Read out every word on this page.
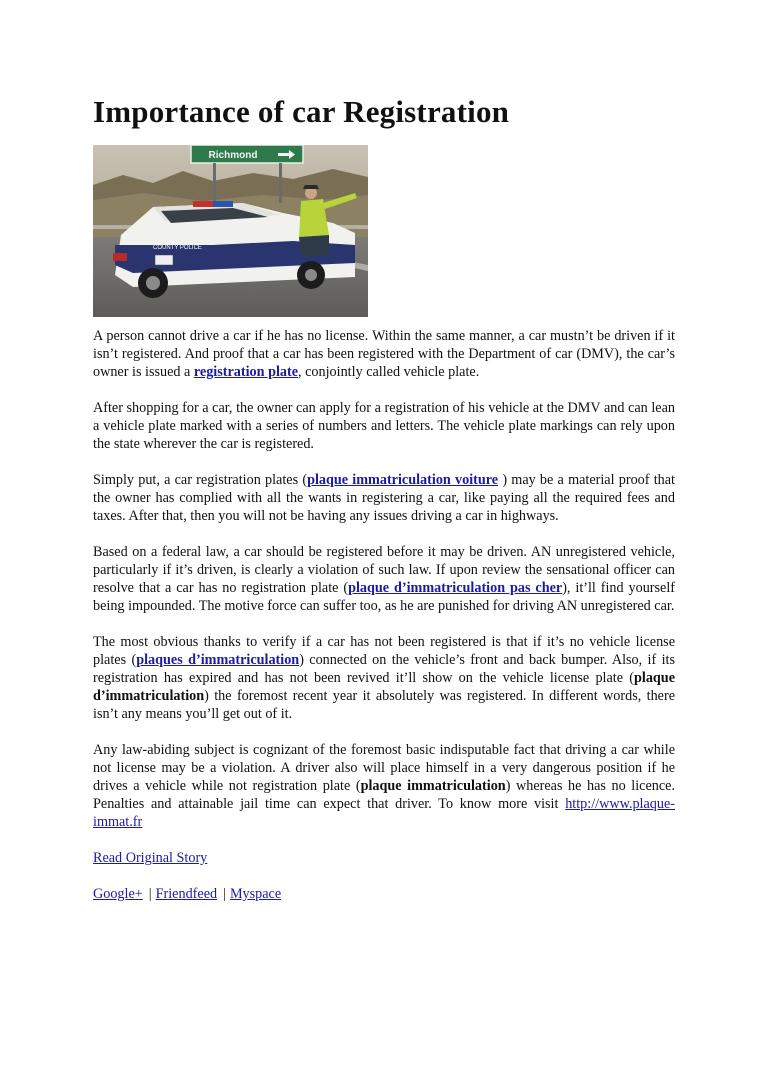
Importance of car Registration
Richmond
COUNTY POLICE

A person cannot drive a car if he has no license. Within the same manner, a car mustn’t be driven if it isn’t registered. And proof that a car has been registered with the Department of car (DMV), the car’s owner is issued a registration plate, conjointly called vehicle plate.

After shopping for a car, the owner can apply for a registration of his vehicle at the DMV and can lean a vehicle plate marked with a series of numbers and letters. The vehicle plate markings can rely upon the state wherever the car is registered.

Simply put, a car registration plates (plaque immatriculation voiture ) may be a material proof that the owner has complied with all the wants in registering a car, like paying all the required fees and taxes. After that, then you will not be having any issues driving a car in highways.

Based on a federal law, a car should be registered before it may be driven. AN unregistered vehicle, particularly if it’s driven, is clearly a violation of such law. If upon review the sensational officer can resolve that a car has no registration plate (plaque d’immatriculation pas cher), it’ll find yourself being impounded. The motive force can suffer too, as he are punished for driving AN unregistered car.

The most obvious thanks to verify if a car has not been registered is that if it’s no vehicle license plates (plaques d’immatriculation) connected on the vehicle’s front and back bumper. Also, if its registration has expired and has not been revived it’ll show on the vehicle license plate (plaque d’immatriculation) the foremost recent year it absolutely was registered. In different words, there isn’t any means you’ll get out of it.

Any law-abiding subject is cognizant of the foremost basic indisputable fact that driving a car while not license may be a violation. A driver also will place himself in a very dangerous position if he drives a vehicle while not registration plate (plaque immatriculation) whereas he has no licence. Penalties and attainable jail time can expect that driver. To know more visit http://www.plaque-immat.fr

Read Original Story

Google+ | Friendfeed | Myspace
